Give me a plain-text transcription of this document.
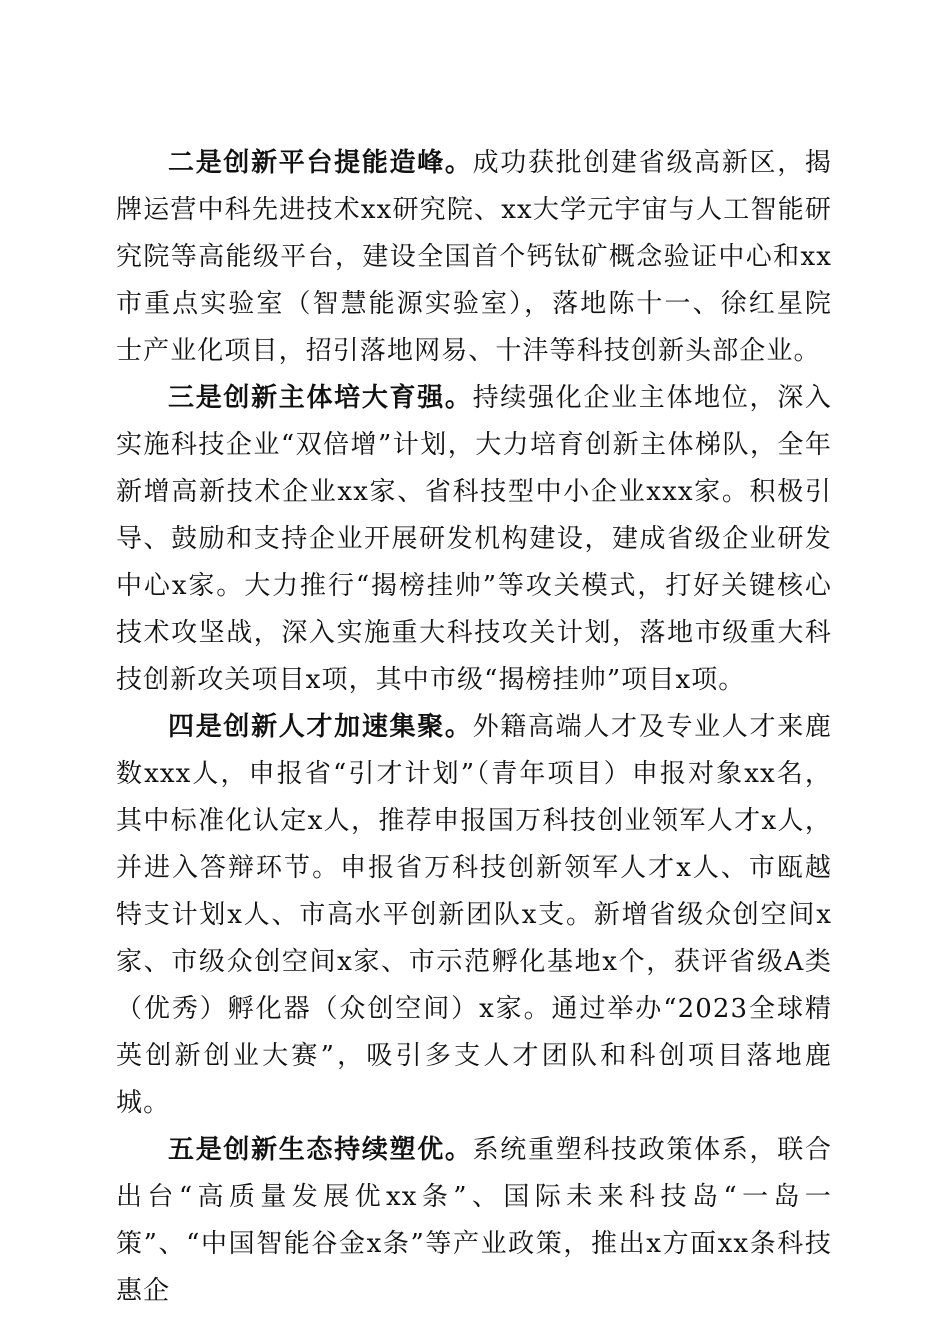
二是创新平台提能造峰。成功获批创建省级高新区，揭牌运营中科先进技术xx研究院、xx大学元宇宙与人工智能研究院等高能级平台，建设全国首个钙钛矿概念验证中心和xx市重点实验室（智慧能源实验室），落地陈十一、徐红星院士产业化项目，招引落地网易、十沣等科技创新头部企业。

三是创新主体培大育强。持续强化企业主体地位，深入实施科技企业“双倍增”计划，大力培育创新主体梯队，全年新增高新技术企业xx家、省科技型中小企业xxx家。积极引导、鼓励和支持企业开展研发机构建设，建成省级企业研发中心x家。大力推行“揭榜挂帅”等攻关模式，打好关键核心技术攻坚战，深入实施重大科技攻关计划，落地市级重大科技创新攻关项目x项，其中市级“揭榜挂帅”项目x项。

四是创新人才加速集聚。外籍高端人才及专业人才来鹿数xxx人，申报省“引才计划”（青年项目）申报对象xx名，其中标准化认定x人，推荐申报国万科技创业领军人才x人，并进入答辩环节。申报省万科技创新领军人才x人、市瓯越特支计划x人、市高水平创新团队x支。新增省级众创空间x家、市级众创空间x家、市示范孵化基地x个，获评省级A类（优秀）孵化器（众创空间）x家。通过举办“2023全球精英创新创业大赛”，吸引多支人才团队和科创项目落地鹿城。

五是创新生态持续塑优。系统重塑科技政策体系，联合出台“高质量发展优xx条”、国际未来科技岛“一岛一策”、“中国智能谷金x条”等产业政策，推出x方面xx条科技惠企
